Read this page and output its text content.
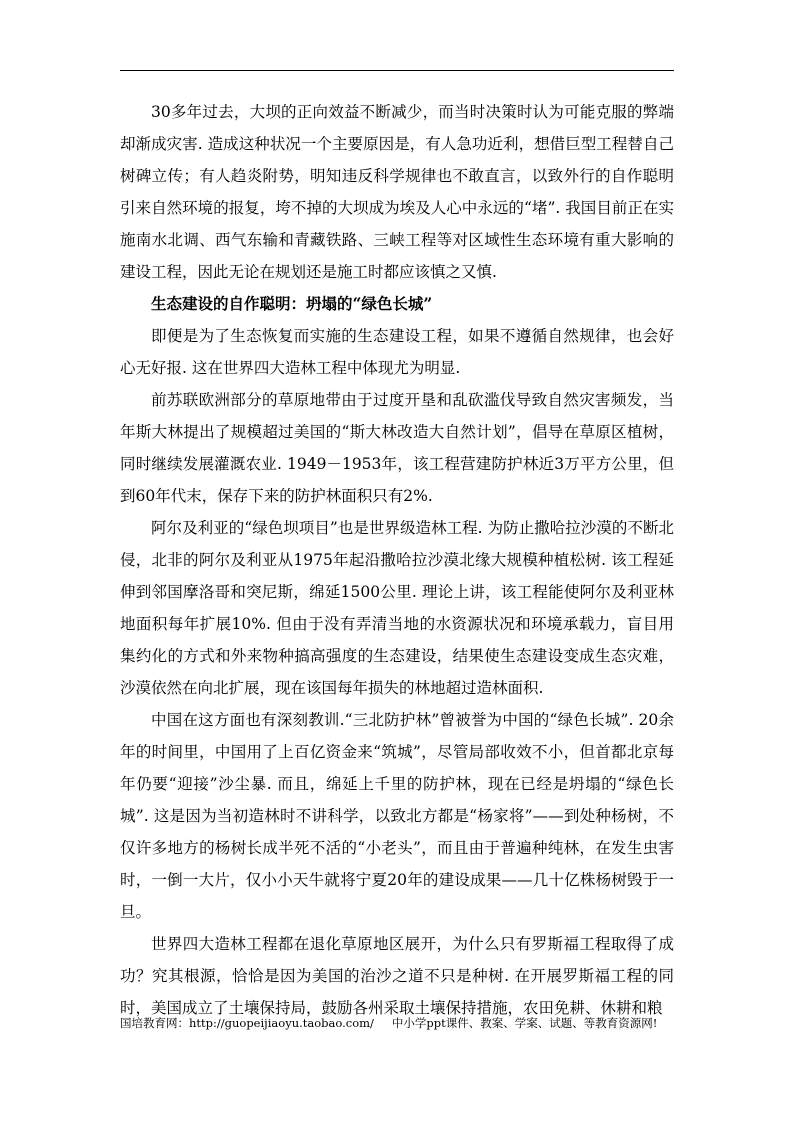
30多年过去，大坝的正向效益不断减少，而当时决策时认为可能克服的弊端却渐成灾害. 造成这种状况一个主要原因是，有人急功近利，想借巨型工程替自己树碑立传；有人趋炎附势，明知违反科学规律也不敢直言，以致外行的自作聪明引来自然环境的报复，垮不掉的大坝成为埃及人心中永远的“堵”. 我国目前正在实施南水北调、西气东输和青藏铁路、三峡工程等对区域性生态环境有重大影响的建设工程，因此无论在规划还是施工时都应该慎之又慎.

生态建设的自作聪明：坍塌的“绿色长城”

即便是为了生态恢复而实施的生态建设工程，如果不遵循自然规律，也会好心无好报. 这在世界四大造林工程中体现尤为明显.

前苏联欧洲部分的草原地带由于过度开垦和乱砍滥伐导致自然灾害频发，当年斯大林提出了规模超过美国的“斯大林改造大自然计划”，倡导在草原区植树，同时继续发展灌溉农业. 1949－1953年，该工程营建防护林近3万平方公里，但到60年代末，保存下来的防护林面积只有2%.

阿尔及利亚的“绿色坝项目”也是世界级造林工程. 为防止撒哈拉沙漠的不断北侵，北非的阿尔及利亚从1975年起沿撒哈拉沙漠北缘大规模种植松树. 该工程延伸到邻国摩洛哥和突尼斯，绵延1500公里. 理论上讲，该工程能使阿尔及利亚林地面积每年扩展10%. 但由于没有弄清当地的水资源状况和环境承载力，盲目用集约化的方式和外来物种搞高强度的生态建设，结果使生态建设变成生态灾难，沙漠依然在向北扩展，现在该国每年损失的林地超过造林面积.

中国在这方面也有深刻教训.“三北防护林”曾被誉为中国的“绿色长城”. 20余年的时间里，中国用了上百亿资金来“筑城”，尽管局部收效不小，但首都北京每年仍要“迎接”沙尘暴. 而且，绵延上千里的防护林，现在已经是坍塌的“绿色长城”. 这是因为当初造林时不讲科学，以致北方都是“杨家将”——到处种杨树，不仅许多地方的杨树长成半死不活的“小老头”，而且由于普遍种纯林，在发生虫害时，一倒一大片，仅小小天牛就将宁夏20年的建设成果——几十亿株杨树毁于一旦。

世界四大造林工程都在退化草原地区展开，为什么只有罗斯福工程取得了成功？究其根源，恰恰是因为美国的治沙之道不只是种树. 在开展罗斯福工程的同时，美国成立了土壤保持局，鼓励各州采取土壤保持措施，农田免耕、休耕和粮

国培教育网：http://guopeijiaoyu.taobao.com/ 中小学ppt课件、教案、学案、试题、等教育资源网!
